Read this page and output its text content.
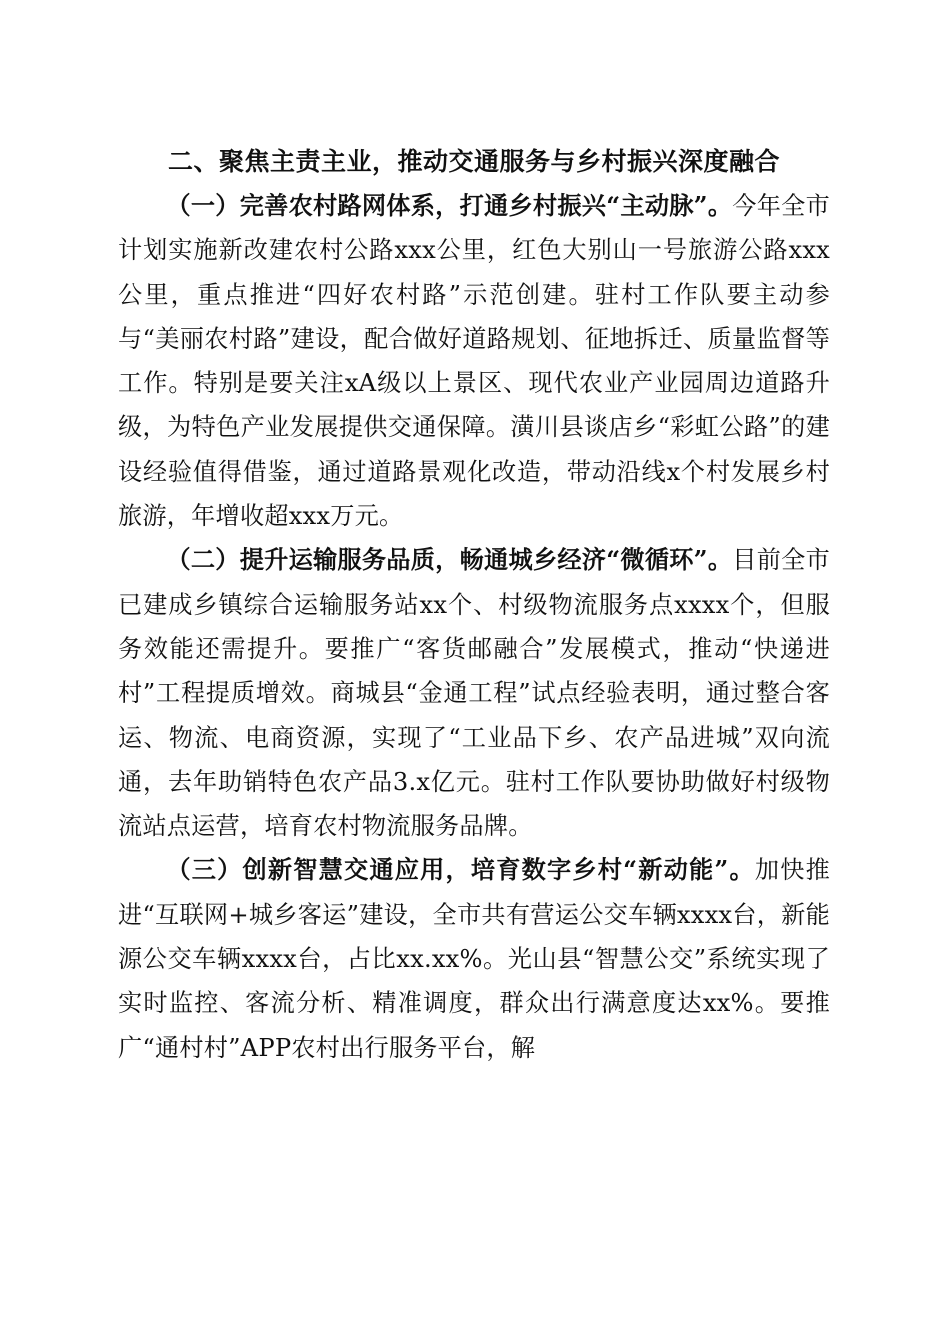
二、聚焦主责主业，推动交通服务与乡村振兴深度融合

（一）完善农村路网体系，打通乡村振兴“主动脉”。今年全市计划实施新改建农村公路xxx公里，红色大别山一号旅游公路xxx公里，重点推进“四好农村路”示范创建。驻村工作队要主动参与“美丽农村路”建设，配合做好道路规划、征地拆迁、质量监督等工作。特别是要关注xA级以上景区、现代农业产业园周边道路升级，为特色产业发展提供交通保障。潢川县谈店乡“彩虹公路”的建设经验值得借鉴，通过道路景观化改造，带动沿线x个村发展乡村旅游，年增收超xxx万元。

（二）提升运输服务品质，畅通城乡经济“微循环”。目前全市已建成乡镇综合运输服务站xx个、村级物流服务点xxxx个，但服务效能还需提升。要推广“客货邮融合”发展模式，推动“快递进村”工程提质增效。商城县“金通工程”试点经验表明，通过整合客运、物流、电商资源，实现了“工业品下乡、农产品进城”双向流通，去年助销特色农产品3.x亿元。驻村工作队要协助做好村级物流站点运营，培育农村物流服务品牌。

（三）创新智慧交通应用，培育数字乡村“新动能”。加快推进“互联网+城乡客运”建设，全市共有营运公交车辆xxxx台，新能源公交车辆xxxx台，占比xx.xx%。光山县“智慧公交”系统实现了实时监控、客流分析、精准调度，群众出行满意度达xx%。要推广“通村村”APP农村出行服务平台，解
